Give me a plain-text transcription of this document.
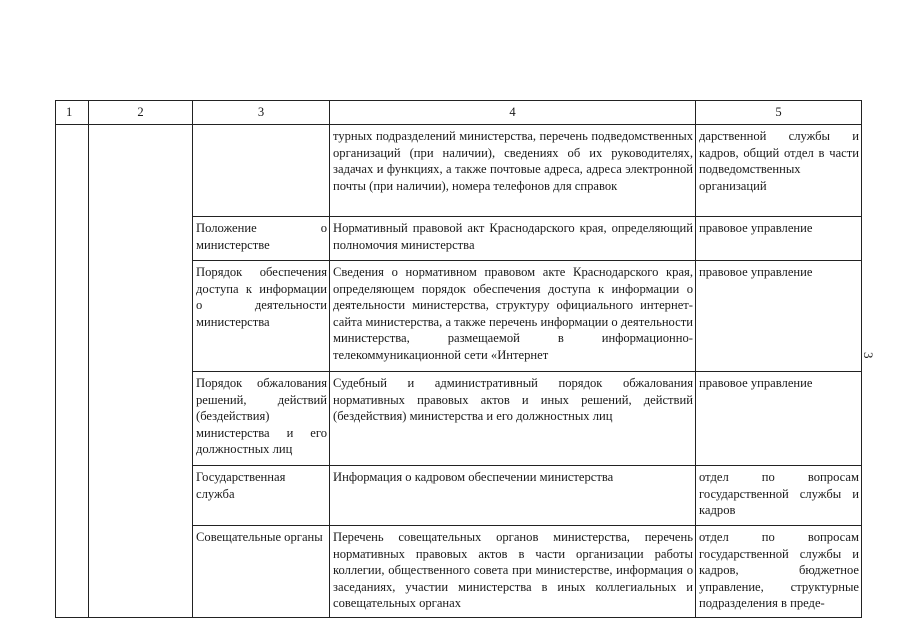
1	2	3	4	5
			турных подразделений министерства, перечень подведомственных организаций (при наличии), сведениях об их руководителях, задачах и функциях, а также почтовые адреса, адреса электронной почты (при наличии), номера телефонов для справок	дарственной службы и кадров, общий отдел в части подведомственных организаций
		Положение о министерстве	Нормативный правовой акт Краснодарского края, определяющий полномочия министерства	правовое управление
		Порядок обеспечения доступа к информации о деятельности министерства	Сведения о нормативном правовом акте Краснодарского края, определяющем порядок обеспечения доступа к информации о деятельности министерства, структуру официального интернет-сайта министерства, а также перечень информации о деятельности министерства, размещаемой в информационно-телекоммуникационной сети «Интернет	правовое управление
		Порядок обжалования решений, действий (бездействия) министерства и его должностных лиц	Судебный и административный порядок обжалования нормативных правовых актов и иных решений, действий (бездействия) министерства и его должностных лиц	правовое управление
		Государственная служба	Информация о кадровом обеспечении министерства	отдел по вопросам государственной службы и кадров
		Совещательные органы	Перечень совещательных органов министерства, перечень нормативных правовых актов в части организации работы коллегии, общественного совета при министерстве, информация о заседаниях, участии министерства в иных коллегиальных и совещательных органах	отдел по вопросам государственной службы и кадров, бюджетное управление, структурные подразделения в преде-
3
